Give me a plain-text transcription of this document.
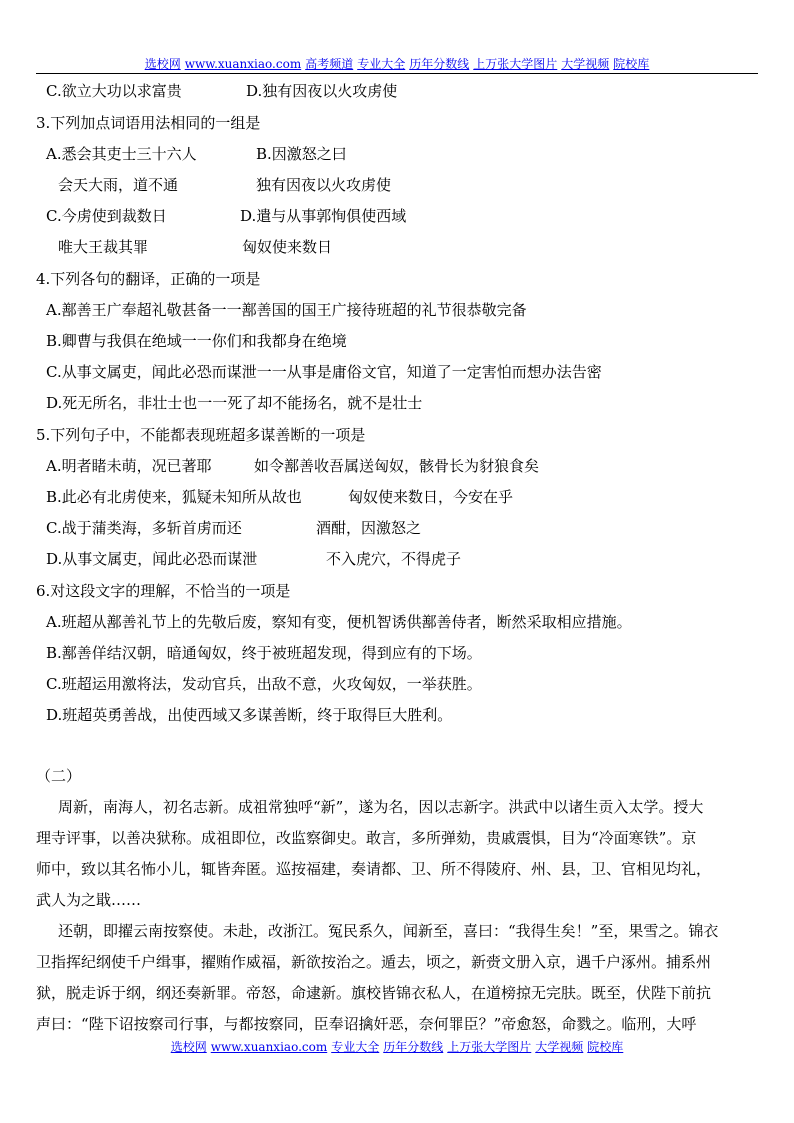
选校网 www.xuanxiao.com 高考频道 专业大全 历年分数线 上万张大学图片 大学视频 院校库
C.欲立大功以求富贵	D.独有因夜以火攻虏使
3.下列加点词语用法相同的一组是
A.悉会其吏士三十六人	B.因激怒之曰
会天大雨，道不通	独有因夜以火攻虏使
C.今虏使到裁数日	D.遣与从事郭恂俱使西域
唯大王裁其罪	匈奴使来数日
4.下列各句的翻译，正确的一项是
A.鄯善王广奉超礼敬甚备一一鄯善国的国王广接待班超的礼节很恭敬完备
B.卿曹与我俱在绝域一一你们和我都身在绝境
C.从事文属吏，闻此必恐而谋泄一一从事是庸俗文官，知道了一定害怕而想办法告密
D.死无所名，非壮士也一一死了却不能扬名，就不是壮士
5.下列句子中，不能都表现班超多谋善断的一项是
A.明者睹未萌，况已著耶	如令鄯善收吾属送匈奴，骸骨长为豺狼食矣
B.此必有北虏使来，狐疑未知所从故也	匈奴使来数日，今安在乎
C.战于蒲类海，多斩首虏而还	酒酣，因激怒之
D.从事文属吏，闻此必恐而谋泄	不入虎穴，不得虎子
6.对这段文字的理解，不恰当的一项是
A.班超从鄯善礼节上的先敬后废，察知有变，便机智诱供鄯善侍者，断然采取相应措施。
B.鄯善佯结汉朝，暗通匈奴，终于被班超发现，得到应有的下场。
C.班超运用激将法，发动官兵，出敌不意，火攻匈奴，一举获胜。
D.班超英勇善战，出使西域又多谋善断，终于取得巨大胜利。
（二）
周新，南海人，初名志新。成祖常独呼“新”，遂为名，因以志新字。洪武中以诸生贡入太学。授大
理寺评事，以善决狱称。成祖即位，改监察御史。敢言，多所弹劾，贵戚震惧，目为“冷面寒铁”。京
师中，致以其名怖小儿，辄皆奔匿。巡按福建，奏请都、卫、所不得陵府、州、县，卫、官相见均礼，
武人为之戢……
还朝，即擢云南按察使。未赴，改浙江。冤民系久，闻新至，喜曰：“我得生矣！”至，果雪之。锦衣
卫指挥纪纲使千户缉事，擢贿作威福，新欲按治之。遁去，顷之，新赍文册入京，遇千户涿州。捕系州
狱，脱走诉于纲，纲还奏新罪。帝怒，命逮新。旗校皆锦衣私人，在道榜掠无完肤。既至，伏陛下前抗
声曰：“陛下诏按察司行事，与都按察同，臣奉诏擒奸恶，奈何罪臣？”帝愈怒，命戮之。临刑，大呼
选校网 www.xuanxiao.com 专业大全 历年分数线 上万张大学图片 大学视频 院校库
